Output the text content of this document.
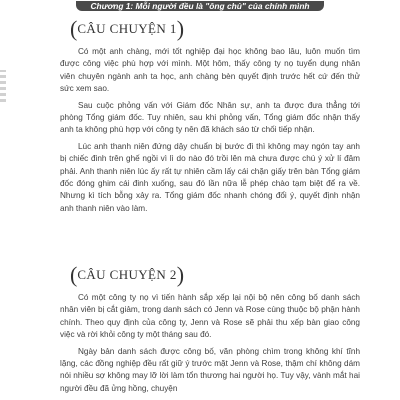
Chương 1: Mỗi người đều là "ông chủ" của chính mình
(CÂU CHUYỆN 1)

Có một anh chàng, mới tốt nghiệp đại học không bao lâu, luôn muốn tìm được công việc phù hợp với mình. Một hôm, thấy công ty nọ tuyển dụng nhân viên chuyên ngành anh ta học, anh chàng bèn quyết định trước hết cứ đến thử sức xem sao.

Sau cuộc phỏng vấn với Giám đốc Nhân sự, anh ta được đưa thẳng tới phòng Tổng giám đốc. Tuy nhiên, sau khi phỏng vấn, Tổng giám đốc nhận thấy anh ta không phù hợp với công ty nên đã khách sáo từ chối tiếp nhận.

Lúc anh thanh niên đứng dậy chuẩn bị bước đi thì không may ngón tay anh bị chiếc đinh trên ghế ngồi vì lì do nào đó trồi lên mà chưa được chú ý xử lí đâm phải. Anh thanh niên lúc ấy rất tự nhiên cầm lấy cái chặn giấy trên bàn Tổng giám đốc đóng ghim cái đinh xuống, sau đó lần nữa lễ phép chào tạm biệt để ra về. Nhưng kì tích bỗng xảy ra. Tổng giám đốc nhanh chóng đổi ý, quyết định nhận anh thanh niên vào làm.

(CÂU CHUYỆN 2)

Có một công ty nọ vì tiến hành sắp xếp lại nội bộ nên công bố danh sách nhân viên bị cắt giảm, trong danh sách có Jenn và Rose cùng thuộc bộ phận hành chính. Theo quy định của công ty, Jenn và Rose sẽ phải thu xếp bàn giao công việc và rời khỏi công ty một tháng sau đó.

Ngày bản danh sách được công bố, văn phòng chìm trong không khí tĩnh lặng, các đồng nghiệp đều rất giữ ý trước mặt Jenn và Rose, thậm chí không dám nói nhiều sợ không may lỡ lời làm tổn thương hai người họ. Tuy vậy, vành mắt hai người đều đã ửng hồng, chuyện
